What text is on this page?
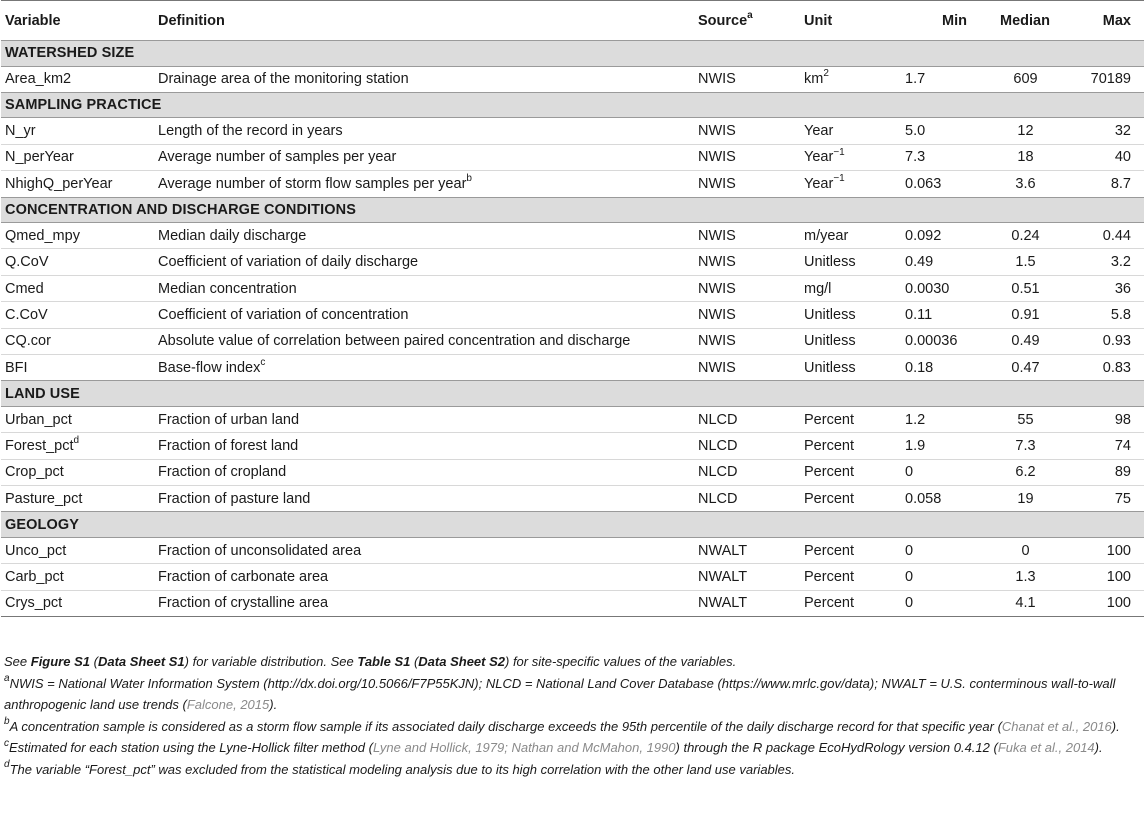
Variable	Definition	Source$^a$	Unit	Min	Median	Max
WATERSHED SIZE						
Area_km2	Drainage area of the monitoring station	NWIS	$km^2$	1.7	609	70189
SAMPLING PRACTICE						
N_yr	Length of the record in years	NWIS	Year	5.0	12	32
N_perYear	Average number of samples per year	NWIS	Year$^{-1}$	7.3	18	40
NhighQ_perYear	Average number of storm flow samples per year$^b$	NWIS	Year$^{-1}$	0.063	3.6	8.7
CONCENTRATION AND DISCHARGE CONDITIONS						
Qmed_mpy	Median daily discharge	NWIS	m/year	0.092	0.24	0.44
Q.CoV	Coefficient of variation of daily discharge	NWIS	Unitless	0.49	1.5	3.2
Cmed	Median concentration	NWIS	mg/l	0.0030	0.51	36
C.CoV	Coefficient of variation of concentration	NWIS	Unitless	0.11	0.91	5.8
CQ.cor	Absolute value of correlation between paired concentration and discharge	NWIS	Unitless	0.00036	0.49	0.93
BFI	Base-flow index$^c$	NWIS	Unitless	0.18	0.47	0.83
LAND USE						
Urban_pct	Fraction of urban land	NLCD	Percent	1.2	55	98
Forest_pct$^d$	Fraction of forest land	NLCD	Percent	1.9	7.3	74
Crop_pct	Fraction of cropland	NLCD	Percent	0	6.2	89
Pasture_pct	Fraction of pasture land	NLCD	Percent	0.058	19	75
GEOLOGY						
Unco_pct	Fraction of unconsolidated area	NWALT	Percent	0	0	100
Carb_pct	Fraction of carbonate area	NWALT	Percent	0	1.3	100
Crys_pct	Fraction of crystalline area	NWALT	Percent	0	4.1	100

See Figure S1 (Data Sheet S1) for variable distribution. See Table S1 (Data Sheet S2) for site-specific values of the variables.

$^a$NWIS = National Water Information System (http://dx.doi.org/10.5066/F7P55KJN); NLCD = National Land Cover Database (https://www.mrlc.gov/data); NWALT = U.S. conterminous wall-to-wall anthropogenic land use trends (Falcone, 2015).

$^b$A concentration sample is considered as a storm flow sample if its associated daily discharge exceeds the 95th percentile of the daily discharge record for that specific year (Chanat et al., 2016).

$^c$Estimated for each station using the Lyne-Hollick filter method (Lyne and Hollick, 1979; Nathan and McMahon, 1990) through the R package EcoHydRology version 0.4.12 (Fuka et al., 2014).

$^d$The variable “Forest_pct” was excluded from the statistical modeling analysis due to its high correlation with the other land use variables.
